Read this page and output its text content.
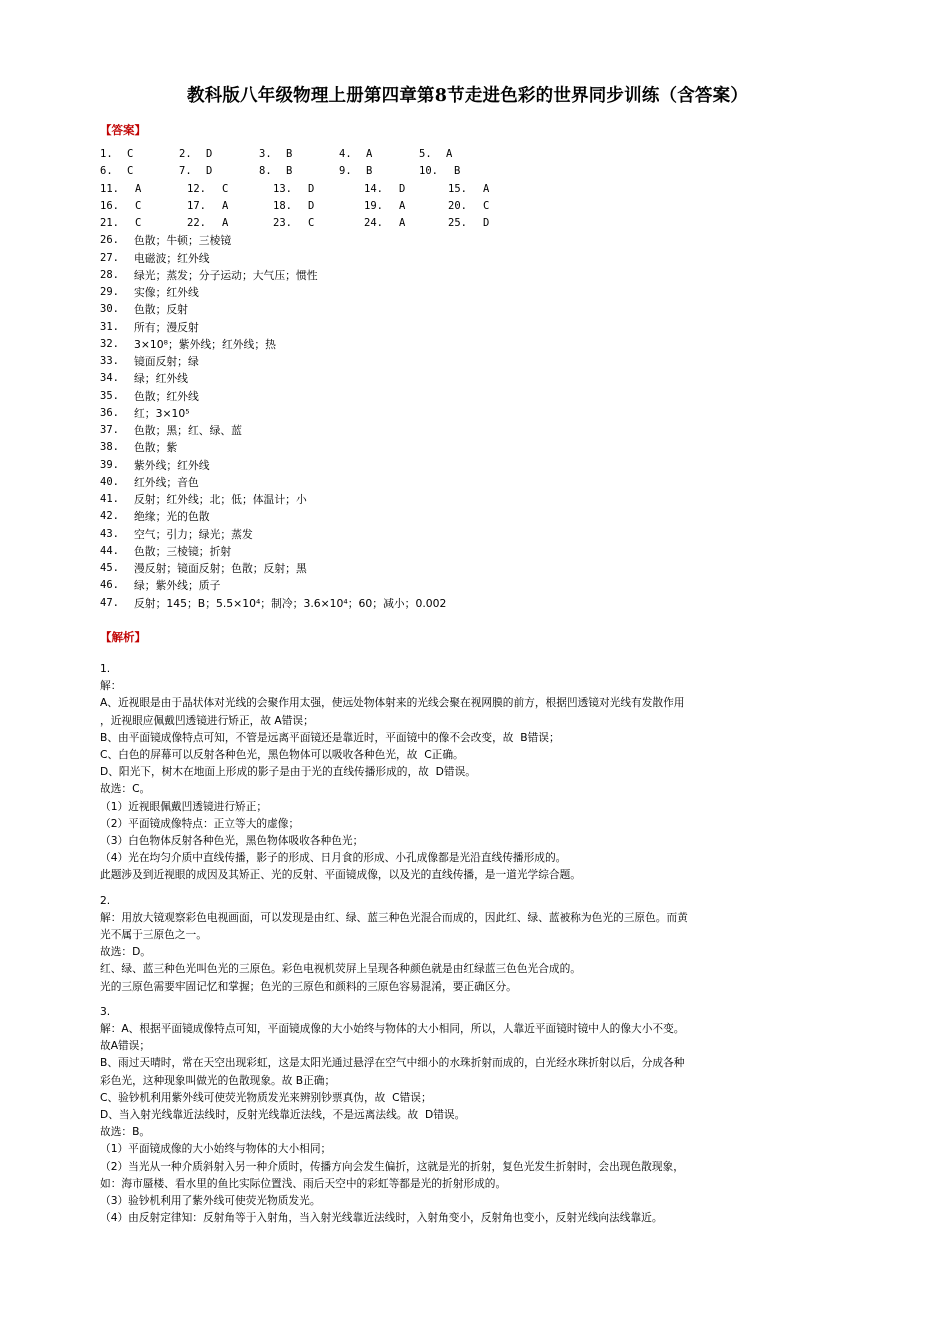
教科版八年级物理上册第四章第8节走进色彩的世界同步训练（含答案）
【答案】
1. C	2. D	3. B	4. A	5. A
6. C	7. D	8. B	9. B	10. B
11. A	12. C	13. D	14. D	15. A
16. C	17. A	18. D	19. A	20. C
21. C	22. A	23. C	24. A	25. D
26. 色散；牛顿；三棱镜
27. 电磁波；红外线
28. 绿光；蒸发；分子运动；大气压；惯性
29. 实像；红外线
30. 色散；反射
31. 所有；漫反射
32. 3×10⁸；紫外线；红外线；热
33. 镜面反射；绿
34. 绿；红外线
35. 色散；红外线
36. 红；3×10⁵
37. 色散；黑；红、绿、蓝
38. 色散；紫
39. 紫外线；红外线
40. 红外线；音色
41. 反射；红外线；北；低；体温计；小
42. 绝缘；光的色散
43. 空气；引力；绿光；蒸发
44. 色散；三棱镜；折射
45. 漫反射；镜面反射；色散；反射；黑
46. 绿；紫外线；质子
47. 反射；145；B；5.5×10⁴；制冷；3.6×10⁴；60；减小；0.002
【解析】

1.

解：

A、近视眼是由于晶状体对光线的会聚作用太强，使远处物体射来的光线会聚在视网膜的前方，根据凹透镜对光线有发散作用

，近视眼应佩戴凹透镜进行矫正，故 A错误；

B、由平面镜成像特点可知，不管是远离平面镜还是靠近时，平面镜中的像不会改变，故  B错误；

C、白色的屏幕可以反射各种色光，黑色物体可以吸收各种色光，故  C正确。

D、阳光下，树木在地面上形成的影子是由于光的直线传播形成的，故  D错误。

故选：C。

（1）近视眼佩戴凹透镜进行矫正；

（2）平面镜成像特点：正立等大的虚像；

（3）白色物体反射各种色光，黑色物体吸收各种色光；

（4）光在均匀介质中直线传播，影子的形成、日月食的形成、小孔成像都是光沿直线传播形成的。

此题涉及到近视眼的成因及其矫正、光的反射、平面镜成像，以及光的直线传播，是一道光学综合题。

2.

解：用放大镜观察彩色电视画面，可以发现是由红、绿、蓝三种色光混合而成的，因此红、绿、蓝被称为色光的三原色。而黄

光不属于三原色之一。

故选：D。

红、绿、蓝三种色光叫色光的三原色。彩色电视机荧屏上呈现各种颜色就是由红绿蓝三色色光合成的。

光的三原色需要牢固记忆和掌握；色光的三原色和颜料的三原色容易混淆，要正确区分。

3.

解：A、根据平面镜成像特点可知，平面镜成像的大小始终与物体的大小相同，所以，人靠近平面镜时镜中人的像大小不变。

故A错误；

B、雨过天晴时，常在天空出现彩虹，这是太阳光通过悬浮在空气中细小的水珠折射而成的，白光经水珠折射以后，分成各种

彩色光，这种现象叫做光的色散现象。故 B正确；

C、验钞机利用紫外线可使荧光物质发光来辨别钞票真伪，故  C错误；

D、当入射光线靠近法线时，反射光线靠近法线，不是远离法线。故  D错误。

故选：B。

（1）平面镜成像的大小始终与物体的大小相同；

（2）当光从一种介质斜射入另一种介质时，传播方向会发生偏折，这就是光的折射，复色光发生折射时，会出现色散现象，

如：海市蜃楼、看水里的鱼比实际位置浅、雨后天空中的彩虹等都是光的折射形成的。

（3）验钞机利用了紫外线可使荧光物质发光。

（4）由反射定律知：反射角等于入射角，当入射光线靠近法线时，入射角变小，反射角也变小，反射光线向法线靠近。
